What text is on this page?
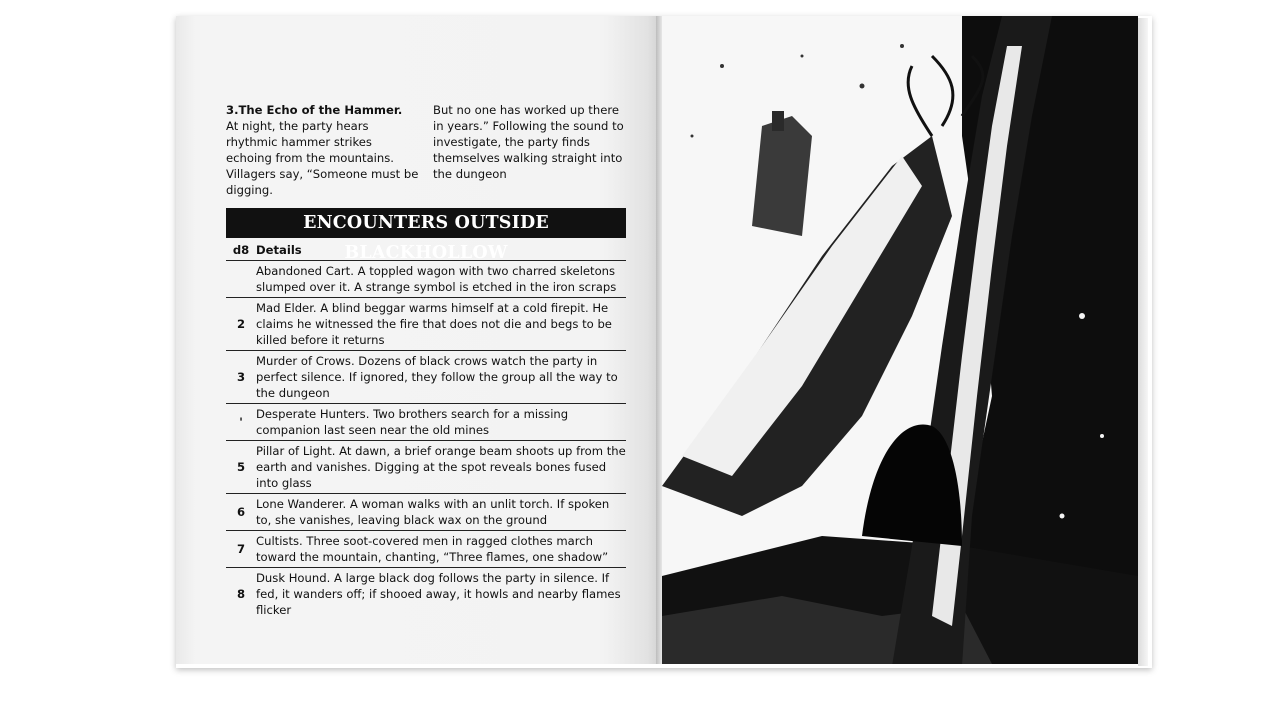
3.The Echo of the Hammer.
At night, the party hears rhythmic hammer strikes echoing from the mountains. Villagers say, “Someone must be digging.
But no one has worked up there in years.” Following the sound to investigate, the party finds themselves walking straight into the dungeon
ENCOUNTERS OUTSIDE BLACKHOLLOW
d8 Details
Abandoned Cart. A toppled wagon with two charred skeletons slumped over it. A strange symbol is etched in the iron scraps
2
Mad Elder. A blind beggar warms himself at a cold firepit. He claims he witnessed the fire that does not die and begs to be killed before it returns
3
Murder of Crows. Dozens of black crows watch the party in perfect silence. If ignored, they follow the group all the way to the dungeon
'
Desperate Hunters. Two brothers search for a missing companion last seen near the old mines
5
Pillar of Light. At dawn, a brief orange beam shoots up from the earth and vanishes. Digging at the spot reveals bones fused into glass
6
Lone Wanderer. A woman walks with an unlit torch. If spoken to, she vanishes, leaving black wax on the ground
7
Cultists. Three soot-covered men in ragged clothes march toward the mountain, chanting, “Three flames, one shadow”
8
Dusk Hound. A large black dog follows the party in silence. If fed, it wanders off; if shooed away, it howls and nearby flames flicker
